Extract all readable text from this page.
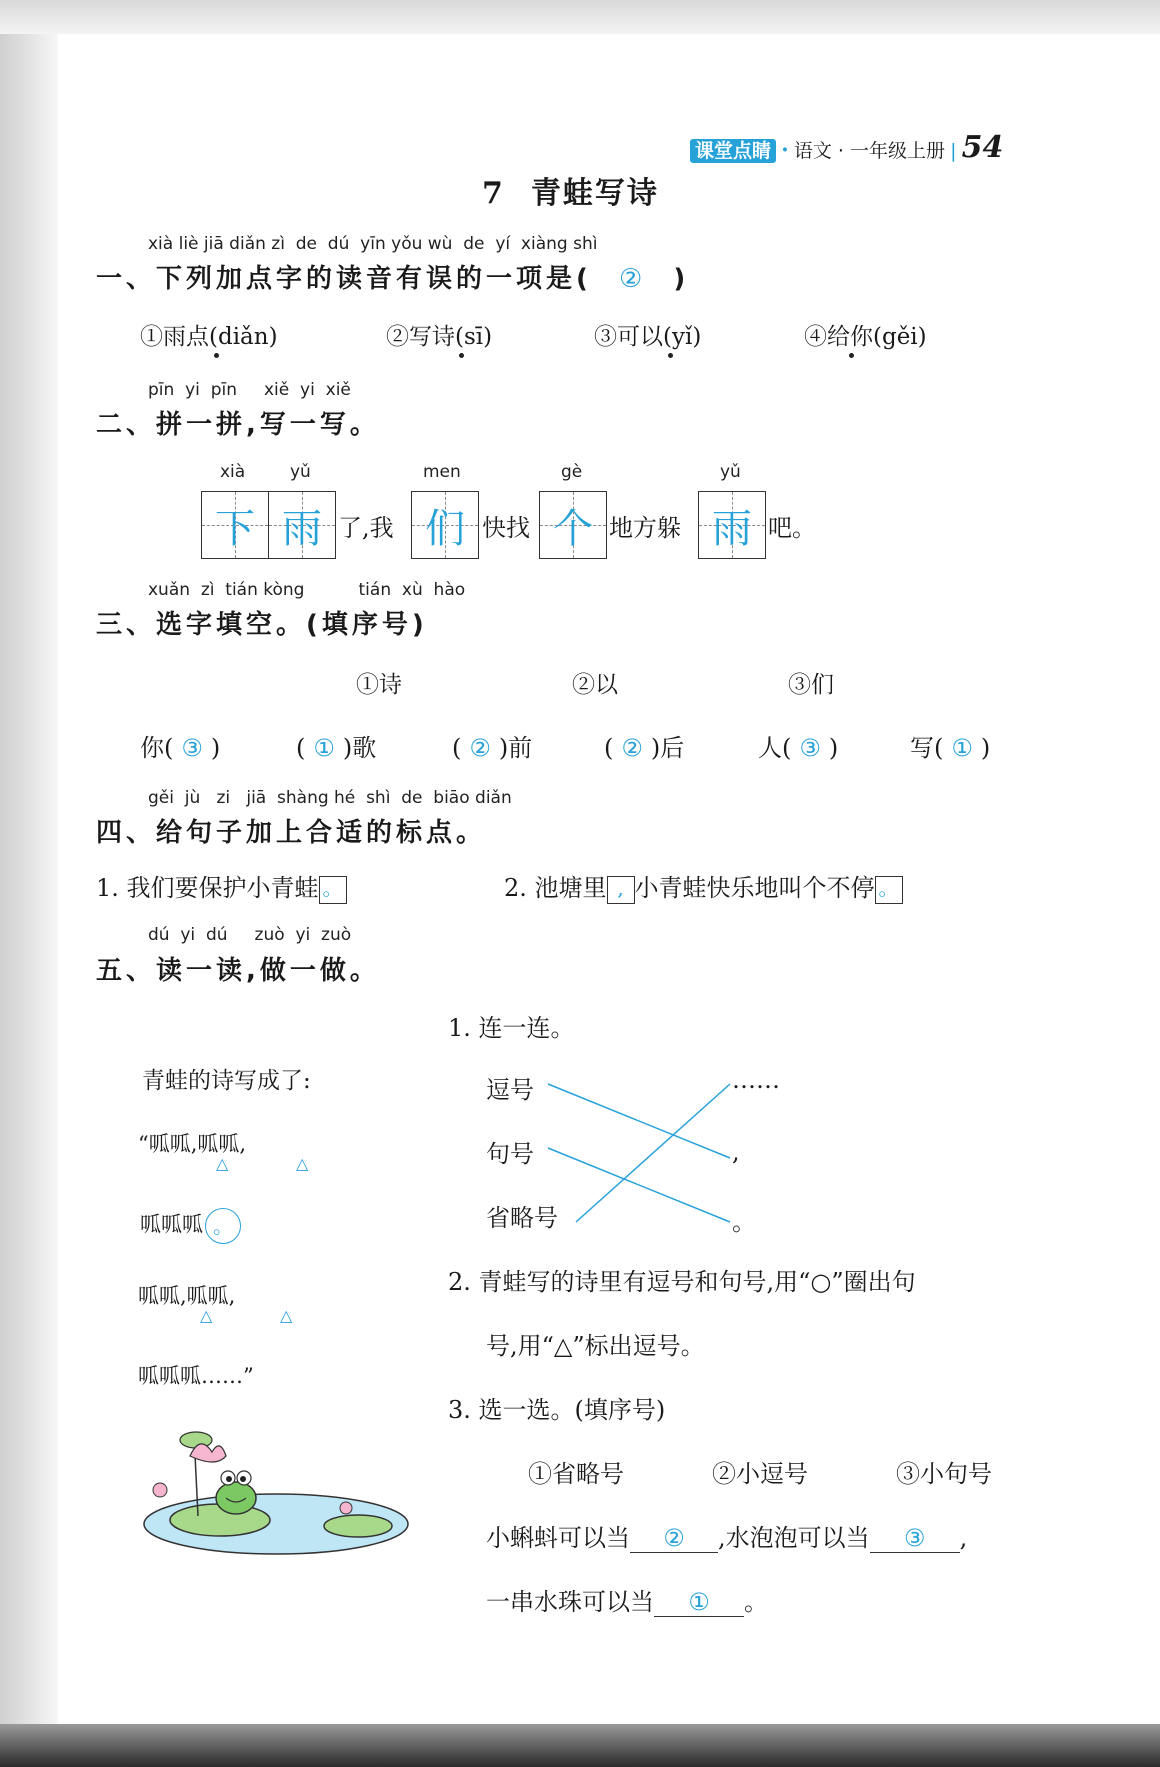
课堂点睛 · 语文 · 一年级上册 | 54
7 青蛙写诗
xià liè jiā diǎn zì  de  dú  yīn yǒu wù  de  yí  xiàng shì
一、下列加点字的读音有误的一项是( ② )
①雨点(diǎn)	②写诗(sī)	③可以(yǐ)	④给你(gěi)
pīn  yi  pīn     xiě  yi  xiě
二、拼一拼,写一写。
xià	yǔ	men	gè	yǔ
下 雨 了,我 们 快找 个 地方躲 雨 吧。
xuǎn  zì  tián kòng          tián  xù  hào
三、选字填空。(填序号)
①诗	②以	③们
你( ③ )	( ① )歌	( ② )前	( ② )后	人( ③ )	写( ① )
gěi  jù   zi   jiā  shàng hé  shì  de  biāo diǎn
四、给句子加上合适的标点。
1. 我们要保护小青蛙 。	2. 池塘里 , 小青蛙快乐地叫个不停 。
dú  yi  dú     zuò  yi  zuò
五、读一读,做一做。
青蛙的诗写成了:
“呱呱,呱呱,
△	△
呱呱呱 。
呱呱,呱呱,
△	△
呱呱呱……”
1. 连一连。
逗号
句号
省略号
……
,
。
2. 青蛙写的诗里有逗号和句号,用“○”圈出句
号,用“△”标出逗号。
3. 选一选。(填序号)
①省略号	②小逗号	③小句号
小蝌蚪可以当 ② ,水泡泡可以当 ③ ,
一串水珠可以当 ① 。
